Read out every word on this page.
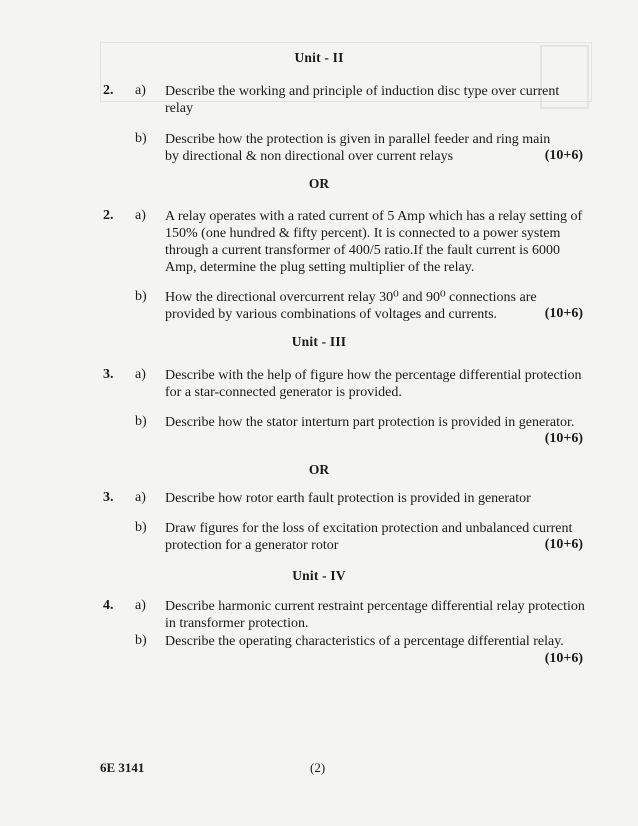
Unit - II
2. a) Describe the working and principle of induction disc type over current relay
b) Describe how the protection is given in parallel feeder and ring main by directional & non directional over current relays	(10+6)
OR
2. a) A relay operates with a rated current of 5 Amp which has a relay setting of 150% (one hundred & fifty percent). It is connected to a power system through a current transformer of 400/5 ratio.If the fault current is 6000 Amp, determine the plug setting multiplier of the relay.
b) How the directional overcurrent relay 30⁰ and 90⁰ connections are provided by various combinations of voltages and currents.	(10+6)
Unit - III
3. a) Describe with the help of figure how the percentage differential protection for a star-connected generator is provided.
b) Describe how the stator interturn part protection is provided in generator.
(10+6)
OR
3. a) Describe how rotor earth fault protection is provided in generator
b) Draw figures for the loss of excitation protection and unbalanced current protection for a generator rotor	(10+6)
Unit - IV
4. a) Describe harmonic current restraint percentage differential relay protection in transformer protection.
b) Describe the operating characteristics of a percentage differential relay.
(10+6)
6E 3141	(2)
